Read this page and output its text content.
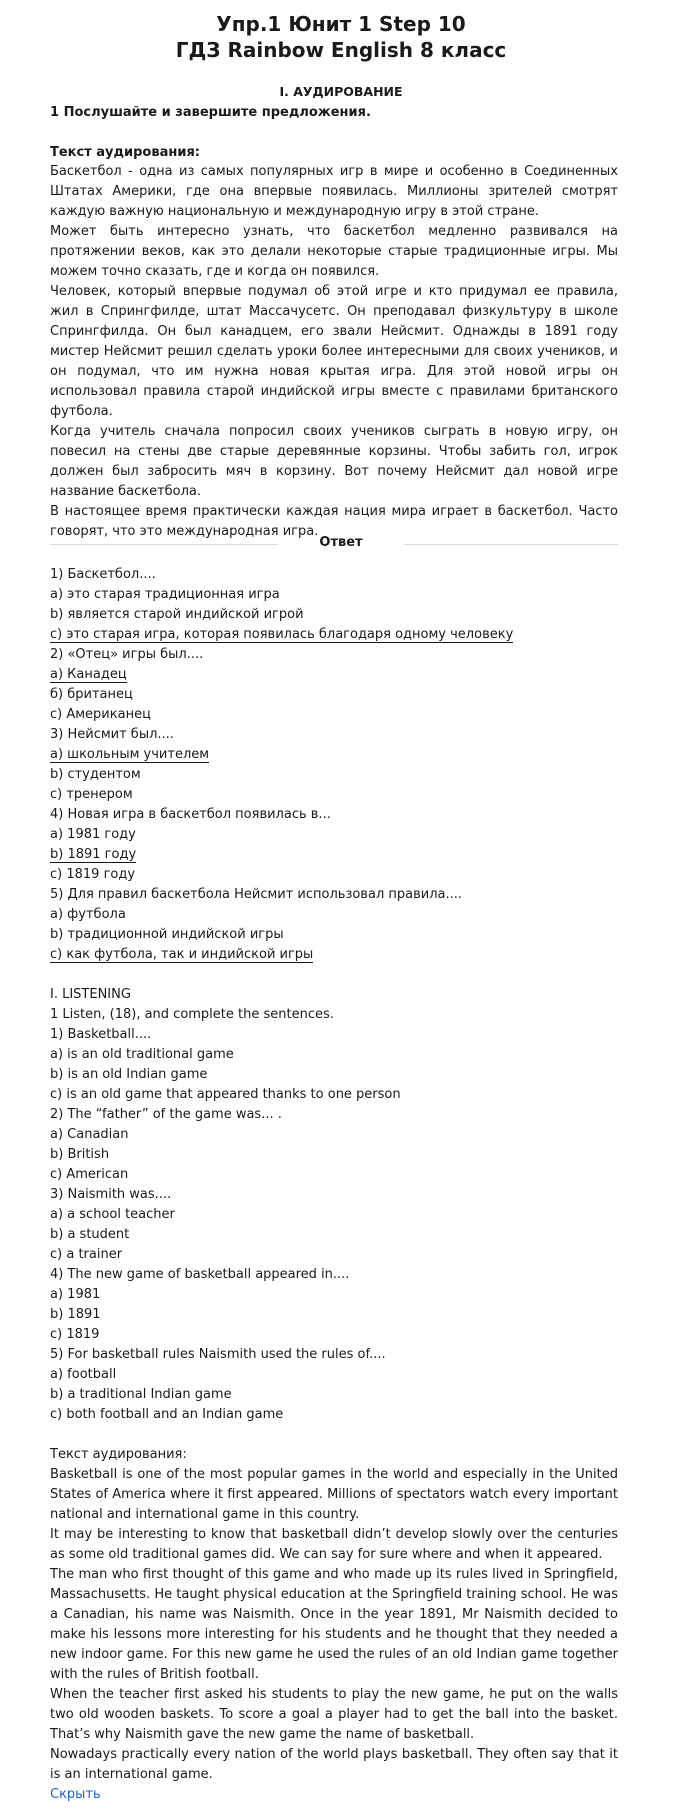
Упр.1 Юнит 1 Step 10
ГДЗ Rainbow English 8 класс
I. АУДИРОВАНИЕ
1 Послушайте и завершите предложения.
Текст аудирования:

Баскетбол - одна из самых популярных игр в мире и особенно в Соединенных Штатах Америки, где она впервые появилась. Миллионы зрителей смотрят каждую важную национальную и международную игру в этой стране.

Может быть интересно узнать, что баскетбол медленно развивался на протяжении веков, как это делали некоторые старые традиционные игры. Мы можем точно сказать, где и когда он появился.

Человек, который впервые подумал об этой игре и кто придумал ее правила, жил в Спрингфилде, штат Массачусетс. Он преподавал физкультуру в школе Спрингфилда. Он был канадцем, его звали Нейсмит. Однажды в 1891 году мистер Нейсмит решил сделать уроки более интересными для своих учеников, и он подумал, что им нужна новая крытая игра. Для этой новой игры он использовал правила старой индийской игры вместе с правилами британского футбола.

Когда учитель сначала попросил своих учеников сыграть в новую игру, он повесил на стены две старые деревянные корзины. Чтобы забить гол, игрок должен был забросить мяч в корзину. Вот почему Нейсмит дал новой игре название баскетбола.

В настоящее время практически каждая нация мира играет в баскетбол. Часто говорят, что это международная игра.

Ответ
1) Баскетбол....
а) это старая традиционная игра
b) является старой индийской игрой
c) это старая игра, которая появилась благодаря одному человеку
2) «Отец» игры был....
а) Канадец
б) британец
c) Американец
3) Нейсмит был....
а) школьным учителем
b) студентом
c) тренером
4) Новая игра в баскетбол появилась в...
а) 1981 году
b) 1891 году
c) 1819 году
5) Для правил баскетбола Нейсмит использовал правила....
a) футбола
b) традиционной индийской игры
c) как футбола, так и индийской игры
I. LISTENING
1 Listen, (18), and complete the sentences.
1) Basketball....
a) is an old traditional game
b) is an old Indian game
c) is an old game that appeared thanks to one person
2) The “father” of the game was... .
a) Canadian
b) British
c) American
3) Naismith was....
a) a school teacher
b) a student
c) a trainer
4) The new game of basketball appeared in....
a) 1981
b) 1891
c) 1819
5) For basketball rules Naismith used the rules of....
a) football
b) a traditional Indian game
c) both football and an Indian game
Текст аудирования:

Basketball is one of the most popular games in the world and especially in the United States of America where it first appeared. Millions of spectators watch every important national and international game in this country.

It may be interesting to know that basketball didn’t develop slowly over the centuries as some old traditional games did. We can say for sure where and when it appeared.

The man who first thought of this game and who made up its rules lived in Springfield, Massachusetts. He taught physical education at the Springfield training school. He was a Canadian, his name was Naismith. Once in the year 1891, Mr Naismith decided to make his lessons more interesting for his students and he thought that they needed a new indoor game. For this new game he used the rules of an old Indian game together with the rules of British football.

When the teacher first asked his students to play the new game, he put on the walls two old wooden baskets. To score a goal a player had to get the ball into the basket. That’s why Naismith gave the new game the name of basketball.

Nowadays practically every nation of the world plays basketball. They often say that it is an international game.

Скрыть
